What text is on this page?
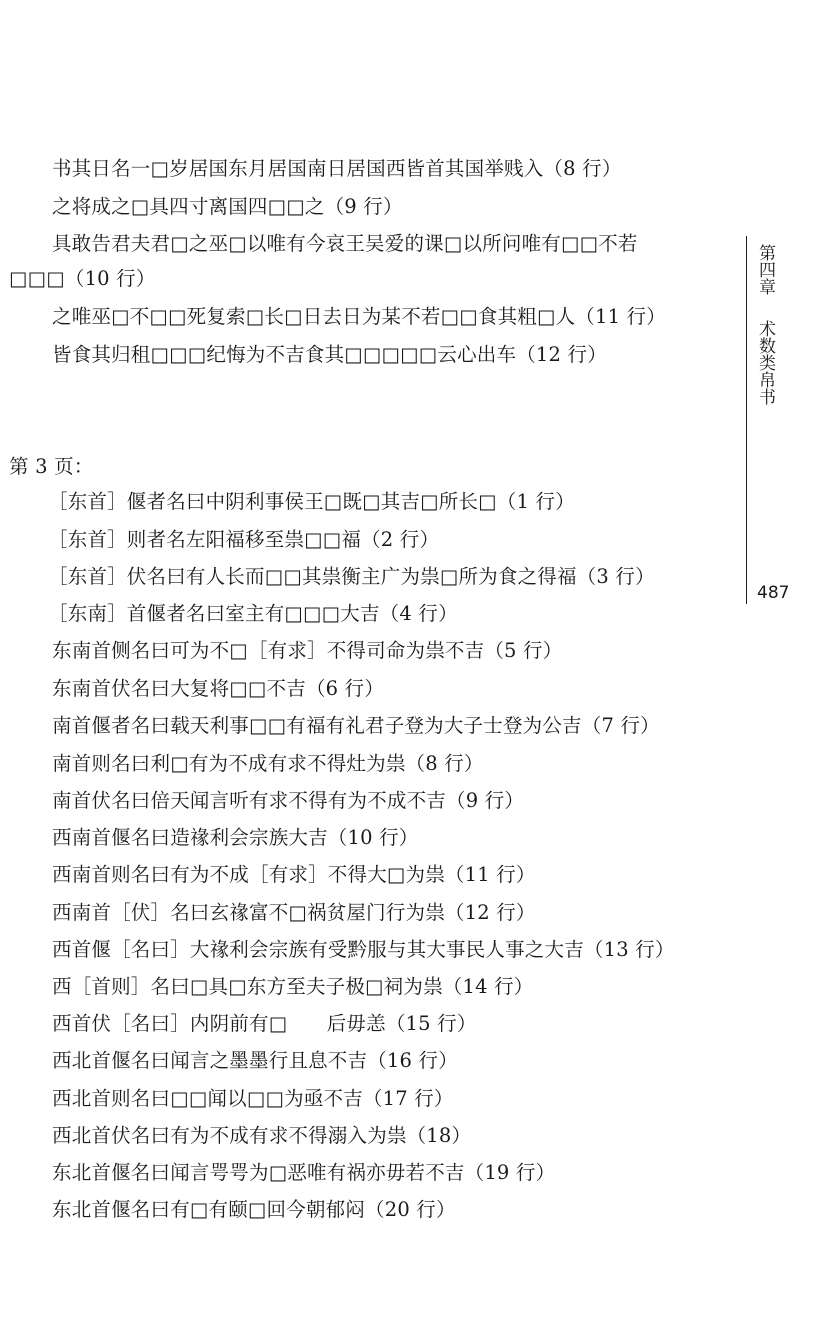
书其日名一□岁居国东月居国南日居国西皆首其国举贱入（8 行）
之将成之□具四寸离国四□□之（9 行）
具敢告君夫君□之巫□以唯有今哀王吴爱的课□以所问唯有□□不若
□□□（10 行）
之唯巫□不□□死复索□长□日去日为某不若□□食其粗□人（11 行）
皆食其归租□□□纪悔为不吉食其□□□□□云心出车（12 行）
第 3 页：
［东首］偃者名曰中阴利事侯王□既□其吉□所长□（1 行）
［东首］则者名左阳福移至祟□□福（2 行）
［东首］伏名曰有人长而□□其祟衡主广为祟□所为食之得福（3 行）
［东南］首偃者名曰室主有□□□大吉（4 行）
东南首侧名曰可为不□［有求］不得司命为祟不吉（5 行）
东南首伏名曰大复将□□不吉（6 行）
南首偃者名曰载天利事□□有福有礼君子登为大子士登为公吉（7 行）
南首则名曰利□有为不成有求不得灶为祟（8 行）
南首伏名曰倍天闻言听有求不得有为不成不吉（9 行）
西南首偃名曰造禒利会宗族大吉（10 行）
西南首则名曰有为不成［有求］不得大□为祟（11 行）
西南首［伏］名曰玄禒富不□祸贫屋门行为祟（12 行）
西首偃［名曰］大禒利会宗族有受黔服与其大事民人事之大吉（13 行）
西［首则］名曰□具□东方至夫子极□祠为祟（14 行）
西首伏［名曰］内阴前有□　　后毋恙（15 行）
西北首偃名曰闻言之墨墨行且息不吉（16 行）
西北首则名曰□□闻以□□为亟不吉（17 行）
西北首伏名曰有为不成有求不得溺入为祟（18）
东北首偃名曰闻言咢咢为□恶唯有祸亦毋若不吉（19 行）
东北首偃名曰有□有颐□回今朝郁闷（20 行）
第四章
术数类帛书
487
